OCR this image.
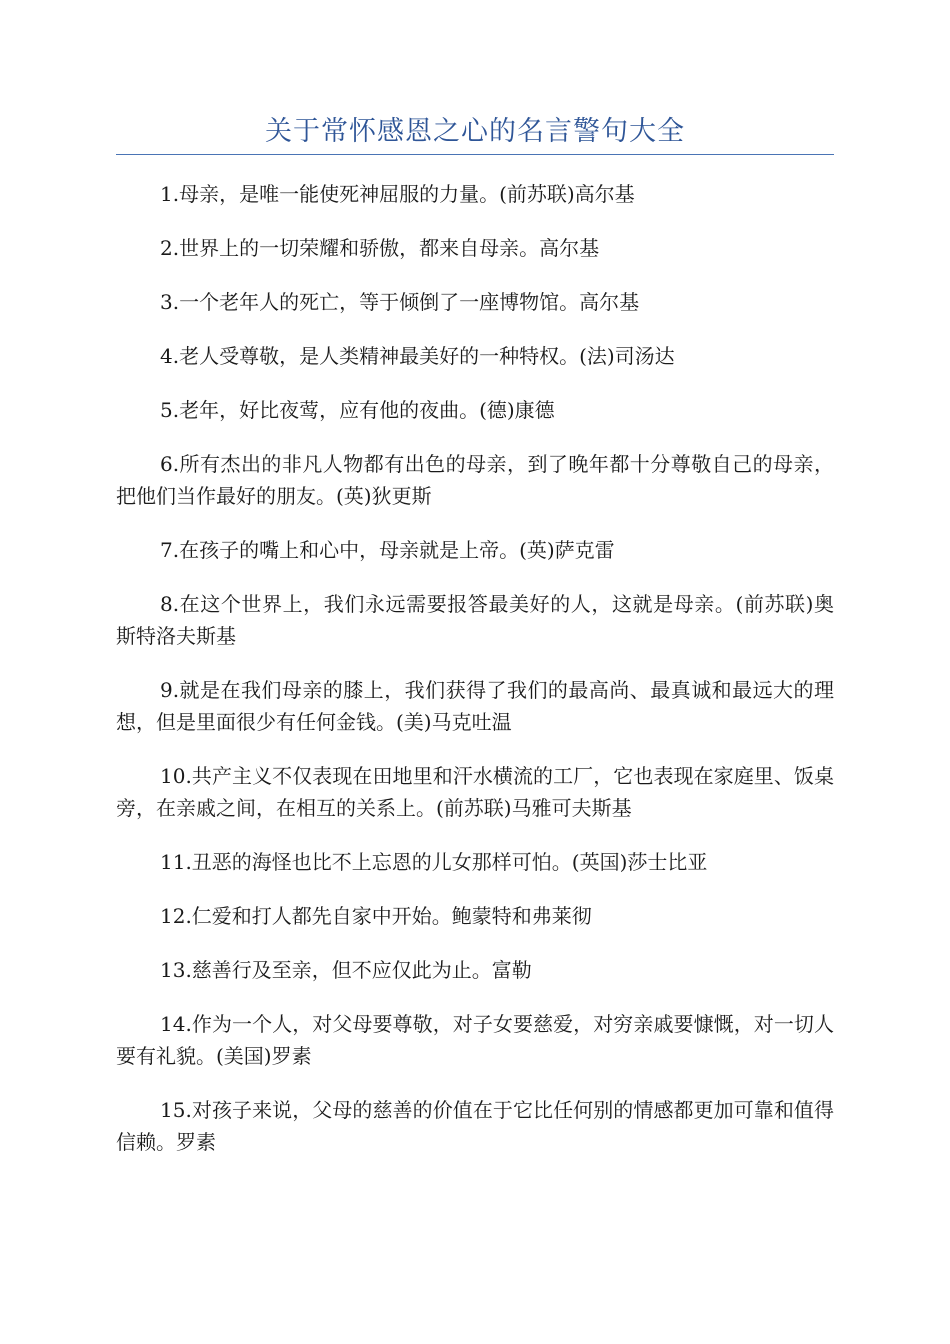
关于常怀感恩之心的名言警句大全

1.母亲，是唯一能使死神屈服的力量。(前苏联)高尔基

2.世界上的一切荣耀和骄傲，都来自母亲。高尔基

3.一个老年人的死亡，等于倾倒了一座博物馆。高尔基

4.老人受尊敬，是人类精神最美好的一种特权。(法)司汤达

5.老年，好比夜莺，应有他的夜曲。(德)康德

6.所有杰出的非凡人物都有出色的母亲，到了晚年都十分尊敬自己的母亲，把他们当作最好的朋友。(英)狄更斯

7.在孩子的嘴上和心中，母亲就是上帝。(英)萨克雷

8.在这个世界上，我们永远需要报答最美好的人，这就是母亲。(前苏联)奥斯特洛夫斯基

9.就是在我们母亲的膝上，我们获得了我们的最高尚、最真诚和最远大的理想，但是里面很少有任何金钱。(美)马克吐温

10.共产主义不仅表现在田地里和汗水横流的工厂，它也表现在家庭里、饭桌旁，在亲戚之间，在相互的关系上。(前苏联)马雅可夫斯基

11.丑恶的海怪也比不上忘恩的儿女那样可怕。(英国)莎士比亚

12.仁爱和打人都先自家中开始。鲍蒙特和弗莱彻

13.慈善行及至亲，但不应仅此为止。富勒

14.作为一个人，对父母要尊敬，对子女要慈爱，对穷亲戚要慷慨，对一切人要有礼貌。(美国)罗素

15.对孩子来说，父母的慈善的价值在于它比任何别的情感都更加可靠和值得信赖。罗素
